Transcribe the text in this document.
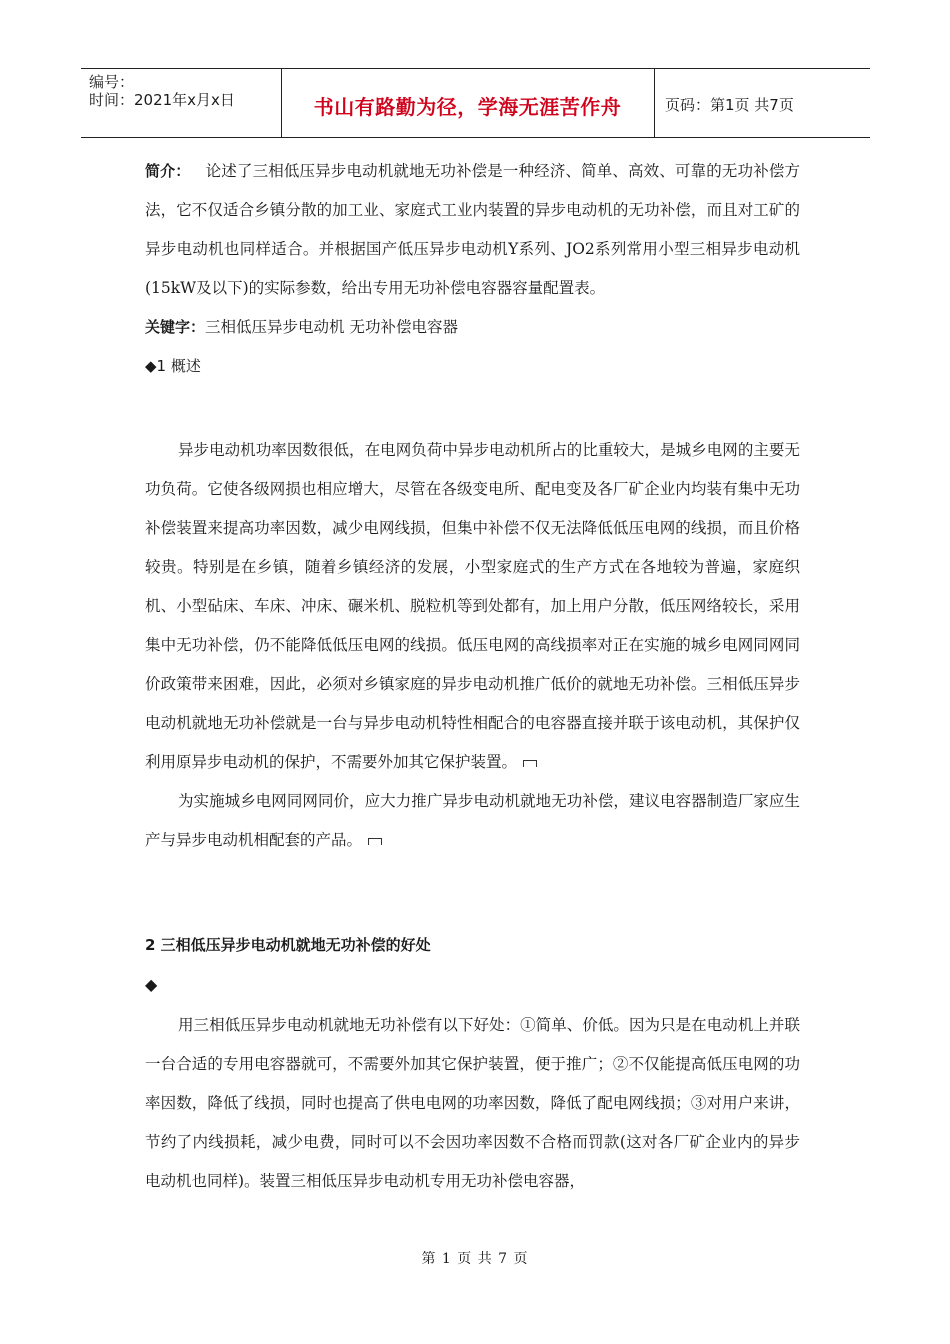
编号：
时间：2021年x月x日	书山有路勤为径，学海无涯苦作舟	页码：第1页 共7页

简介： 论述了三相低压异步电动机就地无功补偿是一种经济、简单、高效、可靠的无功补偿方法，它不仅适合乡镇分散的加工业、家庭式工业内装置的异步电动机的无功补偿，而且对工矿的异步电动机也同样适合。并根据国产低压异步电动机Y系列、JO2系列常用小型三相异步电动机(15kW及以下)的实际参数，给出专用无功补偿电容器容量配置表。

关键字：三相低压异步电动机 无功补偿电容器

◆1 概述

异步电动机功率因数很低，在电网负荷中异步电动机所占的比重较大，是城乡电网的主要无功负荷。它使各级网损也相应增大，尽管在各级变电所、配电变及各厂矿企业内均装有集中无功补偿装置来提高功率因数，减少电网线损，但集中补偿不仅无法降低低压电网的线损，而且价格较贵。特别是在乡镇，随着乡镇经济的发展，小型家庭式的生产方式在各地较为普遍，家庭织机、小型砧床、车床、冲床、碾米机、脱粒机等到处都有，加上用户分散，低压网络较长，采用集中无功补偿，仍不能降低低压电网的线损。低压电网的高线损率对正在实施的城乡电网同网同价政策带来困难，因此，必须对乡镇家庭的异步电动机推广低价的就地无功补偿。三相低压异步电动机就地无功补偿就是一台与异步电动机特性相配合的电容器直接并联于该电动机，其保护仅利用原异步电动机的保护，不需要外加其它保护装置。

为实施城乡电网同网同价，应大力推广异步电动机就地无功补偿，建议电容器制造厂家应生产与异步电动机相配套的产品。

2 三相低压异步电动机就地无功补偿的好处

◆

用三相低压异步电动机就地无功补偿有以下好处：①简单、价低。因为只是在电动机上并联一台合适的专用电容器就可，不需要外加其它保护装置，便于推广；②不仅能提高低压电网的功率因数，降低了线损，同时也提高了供电电网的功率因数，降低了配电网线损；③对用户来讲，节约了内线损耗，减少电费，同时可以不会因功率因数不合格而罚款(这对各厂矿企业内的异步电动机也同样)。装置三相低压异步电动机专用无功补偿电容器，

第 1 页 共 7 页
